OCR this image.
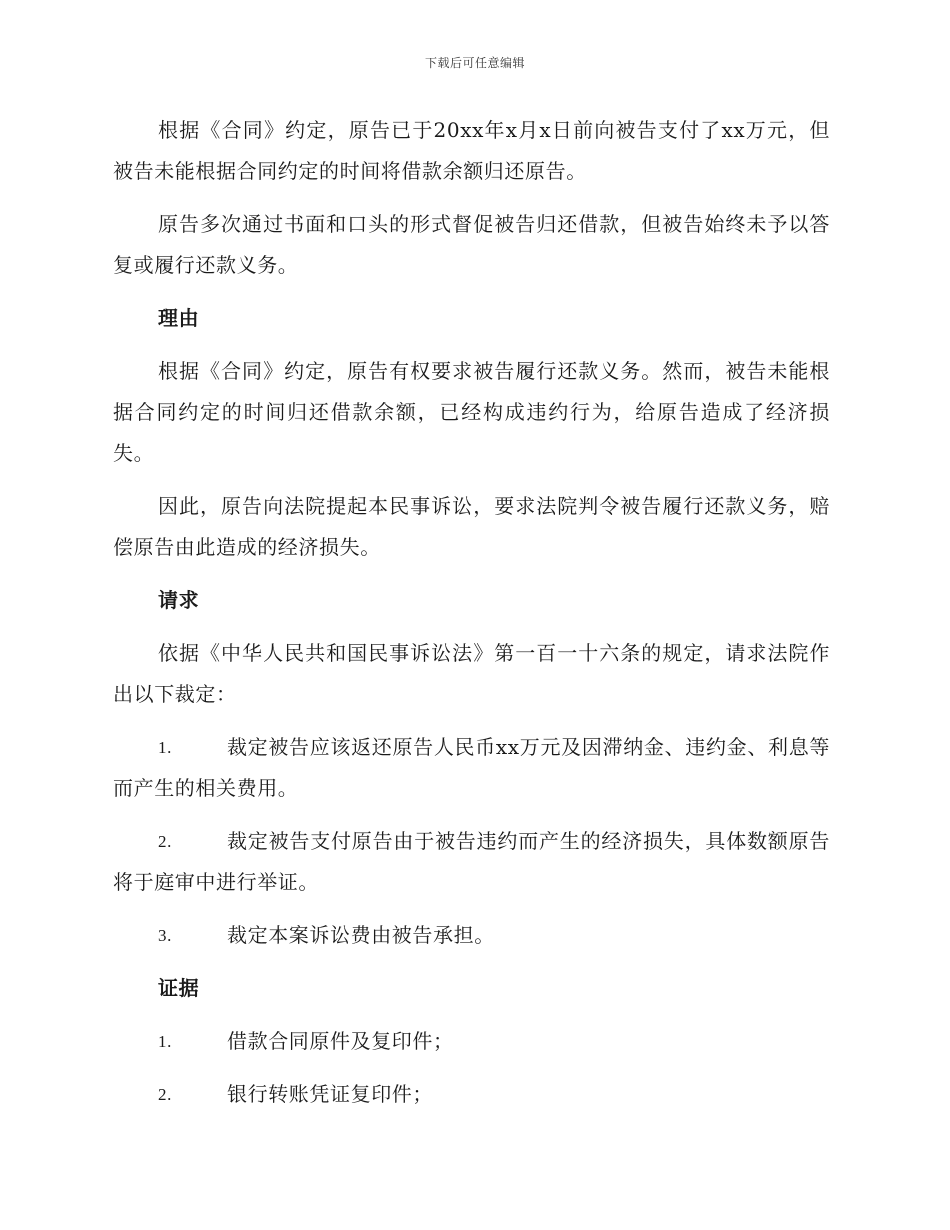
下载后可任意编辑

根据《合同》约定，原告已于20xx年x月x日前向被告支付了xx万元，但被告未能根据合同约定的时间将借款余额归还原告。

原告多次通过书面和口头的形式督促被告归还借款，但被告始终未予以答复或履行还款义务。

理由

根据《合同》约定，原告有权要求被告履行还款义务。然而，被告未能根据合同约定的时间归还借款余额，已经构成违约行为，给原告造成了经济损失。

因此，原告向法院提起本民事诉讼，要求法院判令被告履行还款义务，赔偿原告由此造成的经济损失。

请求

依据《中华人民共和国民事诉讼法》第一百一十六条的规定，请求法院作出以下裁定：

1.	裁定被告应该返还原告人民币xx万元及因滞纳金、违约金、利息等而产生的相关费用。

2.	裁定被告支付原告由于被告违约而产生的经济损失，具体数额原告将于庭审中进行举证。

3.	裁定本案诉讼费由被告承担。

证据

1.	借款合同原件及复印件；

2.	银行转账凭证复印件；
